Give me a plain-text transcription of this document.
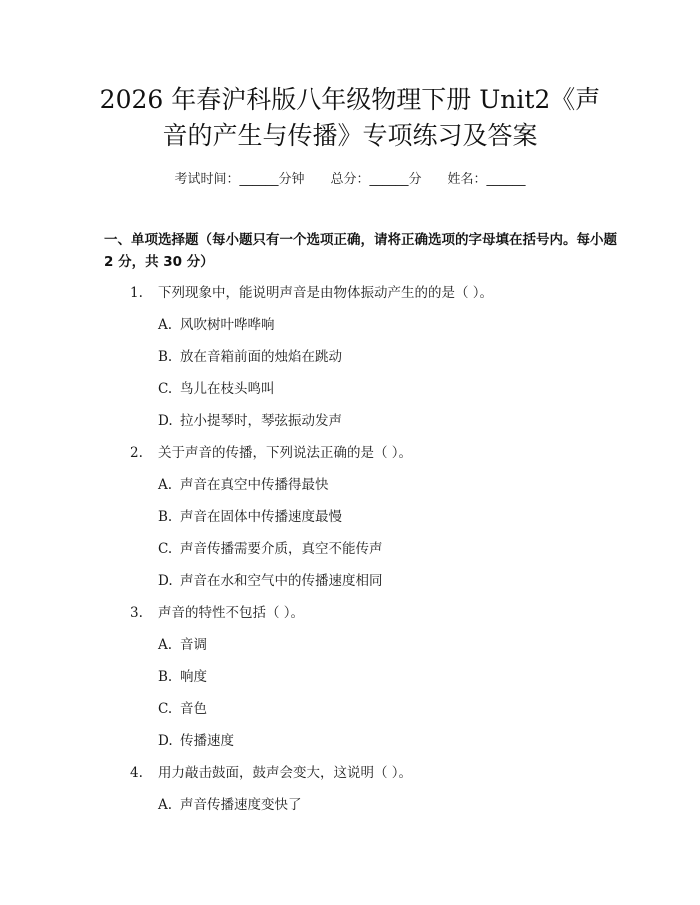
2026 年春沪科版八年级物理下册 Unit2《声音的产生与传播》专项练习及答案
考试时间：______分钟 总分：______分 姓名：______
一、单项选择题（每小题只有一个选项正确，请将正确选项的字母填在括号内。每小题 2 分，共 30 分）
1. 下列现象中，能说明声音是由物体振动产生的的是（ ）。
A. 风吹树叶哗哗响
B. 放在音箱前面的烛焰在跳动
C. 鸟儿在枝头鸣叫
D. 拉小提琴时，琴弦振动发声
2. 关于声音的传播，下列说法正确的是（ ）。
A. 声音在真空中传播得最快
B. 声音在固体中传播速度最慢
C. 声音传播需要介质，真空不能传声
D. 声音在水和空气中的传播速度相同
3. 声音的特性不包括（ ）。
A. 音调
B. 响度
C. 音色
D. 传播速度
4. 用力敲击鼓面，鼓声会变大，这说明（ ）。
A. 声音传播速度变快了
